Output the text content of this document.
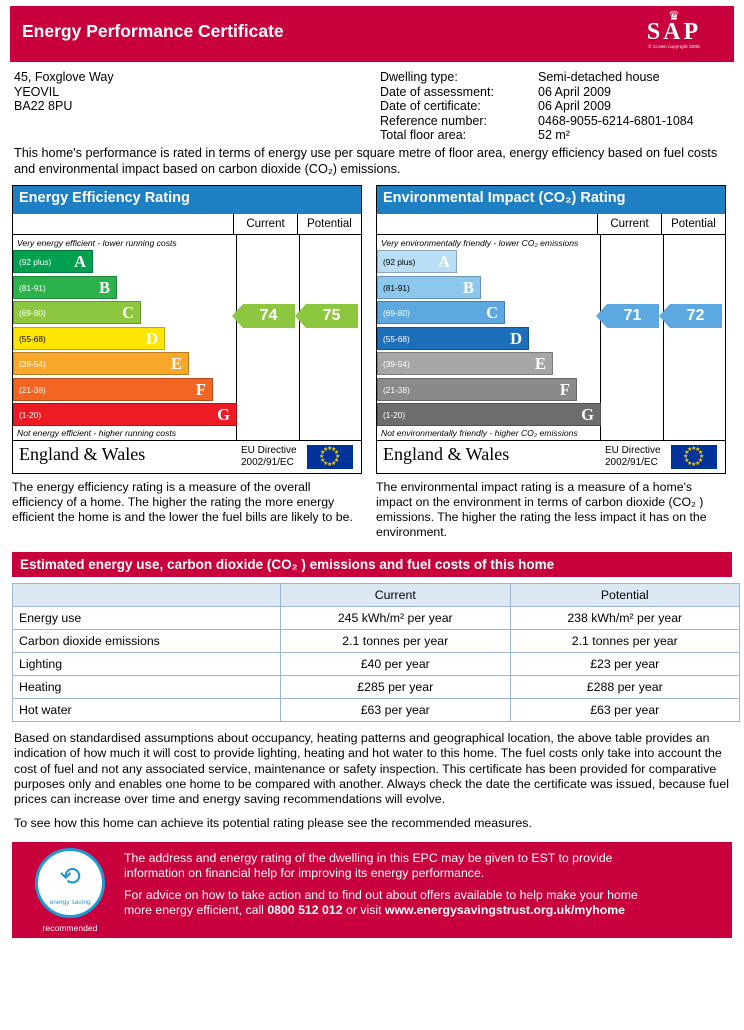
Energy Performance Certificate
♛
SAP
© Crown copyright 2005
45, Foxglove Way
YEOVIL
BA22 8PU
Dwelling type:	Semi-detached house
Date of assessment:	06 April 2009
Date of certificate:	06 April 2009
Reference number:	0468-9055-6214-6801-1084
Total floor area:	52 m²
This home's performance is rated in terms of energy use per square metre of floor area, energy efficiency based on fuel costs and environmental impact based on carbon dioxide (CO₂) emissions.
Energy Efficiency Rating
Current	Potential
Very energy efficient - lower running costs
(92 plus) A
(81-91)	B
(69-80)	C
(55-68)	D
(39-54)	E
(21-38)	F
(1-20)	G
Not energy efficient - higher running costs
74	75
England & Wales	EU Directive
2002/91/EC
★
★
★
★
★
★
★
★
★
★
★
★
Environmental Impact (CO₂) Rating
Current	Potential
Very environmentally friendly - lower CO₂ emissions
(92 plus) A
(81-91)	B
(69-80)	C
(55-68)	D
(39-54)	E
(21-38)	F
(1-20)	G
Not environmentally friendly - higher CO₂ emissions
71	72
England & Wales	EU Directive
2002/91/EC
★
★
★
★
★
★
★
★
★
★
★
★
The energy efficiency rating is a measure of the overall efficiency of a home. The higher the rating the more energy efficient the home is and the lower the fuel bills are likely to be.
The environmental impact rating is a measure of a home's impact on the environment in terms of carbon dioxide (CO₂ ) emissions. The higher the rating the less impact it has on the environment.
Estimated energy use, carbon dioxide (CO₂ ) emissions and fuel costs of this home
	Current	Potential
Energy use	245 kWh/m² per year	238 kWh/m² per year
Carbon dioxide emissions	2.1 tonnes per year	2.1 tonnes per year
Lighting	£40 per year	£23 per year
Heating	£285 per year	£288 per year
Hot water	£63 per year	£63 per year
Based on standardised assumptions about occupancy, heating patterns and geographical location, the above table provides an indication of how much it will cost to provide lighting, heating and hot water to this home. The fuel costs only take into account the cost of fuel and not any associated service, maintenance or safety inspection. This certificate has been provided for comparative purposes only and enables one home to be compared with another. Always check the date the certificate was issued, because fuel prices can increase over time and energy saving recommendations will evolve.
To see how this home can achieve its potential rating please see the recommended measures.
⟲
energy saving
recommended
Certification mark
The address and energy rating of the dwelling in this EPC may be given to EST to provide
information on financial help for improving its energy performance.
For advice on how to take action and to find out about offers available to help make your home
more energy efficient, call 0800 512 012 or visit www.energysavingstrust.org.uk/myhome
